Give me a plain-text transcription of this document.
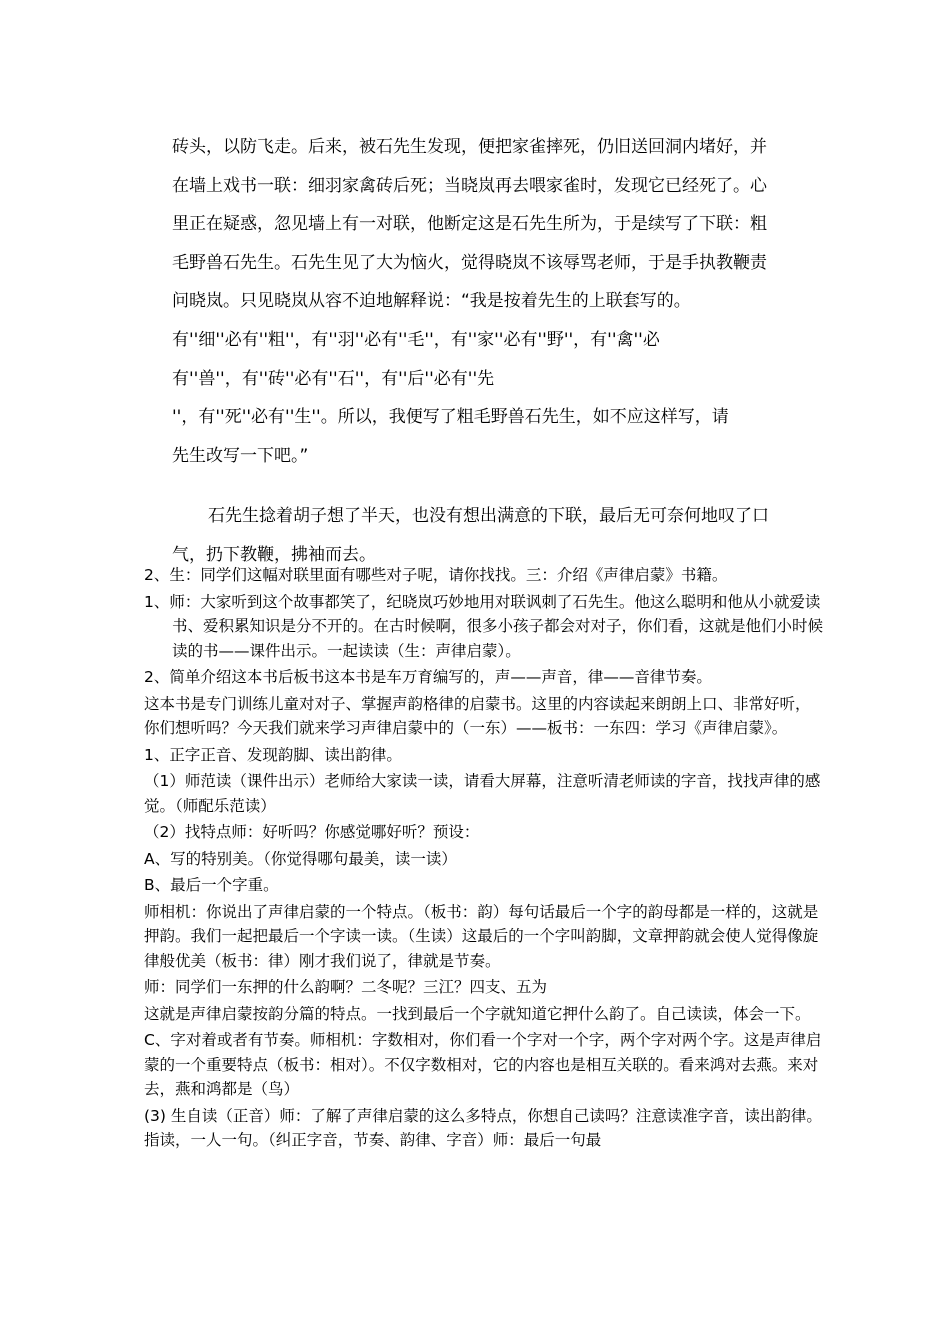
砖头，以防飞走。后来，被石先生发现，便把家雀摔死，仍旧送回洞内堵好，并

在墙上戏书一联：细羽家禽砖后死；当晓岚再去喂家雀时，发现它已经死了。心

里正在疑惑，忽见墙上有一对联，他断定这是石先生所为，于是续写了下联：粗

毛野兽石先生。石先生见了大为恼火，觉得晓岚不该辱骂老师，于是手执教鞭责

问晓岚。只见晓岚从容不迫地解释说：“我是按着先生的上联套写的。

有''细''必有''粗''，有''羽''必有''毛''，有''家''必有''野''，有''禽''必

有''兽''，有''砖''必有''石''，有''后''必有''先

''，有''死''必有''生''。所以，我便写了粗毛野兽石先生，如不应这样写，请

先生改写一下吧。”

石先生捻着胡子想了半天，也没有想出满意的下联，最后无可奈何地叹了口

气，扔下教鞭，拂袖而去。

2、生：同学们这幅对联里面有哪些对子呢，请你找找。三：介绍《声律启蒙》书籍。

1、师：大家听到这个故事都笑了，纪晓岚巧妙地用对联讽刺了石先生。他这么聪明和他从小就爱读书、爱积累知识是分不开的。在古时候啊，很多小孩子都会对对子，你们看，这就是他们小时候读的书——课件出示。一起读读（生：声律启蒙）。

2、简单介绍这本书后板书这本书是车万育编写的，声——声音，律——音律节奏。

这本书是专门训练儿童对对子、掌握声韵格律的启蒙书。这里的内容读起来朗朗上口、非常好听，你们想听吗？今天我们就来学习声律启蒙中的（一东）——板书：一东四：学习《声律启蒙》。

1、正字正音、发现韵脚、读出韵律。

（1）师范读（课件出示）老师给大家读一读，请看大屏幕，注意听清老师读的字音，找找声律的感觉。（师配乐范读）

（2）找特点师：好听吗？你感觉哪好听？预设：

A、写的特别美。（你觉得哪句最美，读一读）

B、最后一个字重。

师相机：你说出了声律启蒙的一个特点。（板书：韵）每句话最后一个字的韵母都是一样的，这就是押韵。我们一起把最后一个字读一读。（生读）这最后的一个字叫韵脚，文章押韵就会使人觉得像旋律般优美（板书：律）刚才我们说了，律就是节奏。

师：同学们一东押的什么韵啊？二冬呢？三江？四支、五为

这就是声律启蒙按韵分篇的特点。一找到最后一个字就知道它押什么韵了。自己读读，体会一下。

C、字对着或者有节奏。师相机：字数相对，你们看一个字对一个字，两个字对两个字。这是声律启蒙的一个重要特点（板书：相对）。不仅字数相对，它的内容也是相互关联的。看来鸿对去燕。来对去，燕和鸿都是（鸟）

(3) 生自读（正音）师：了解了声律启蒙的这么多特点，你想自己读吗？注意读准字音，读出韵律。指读，一人一句。（纠正字音，节奏、韵律、字音）师：最后一句最
